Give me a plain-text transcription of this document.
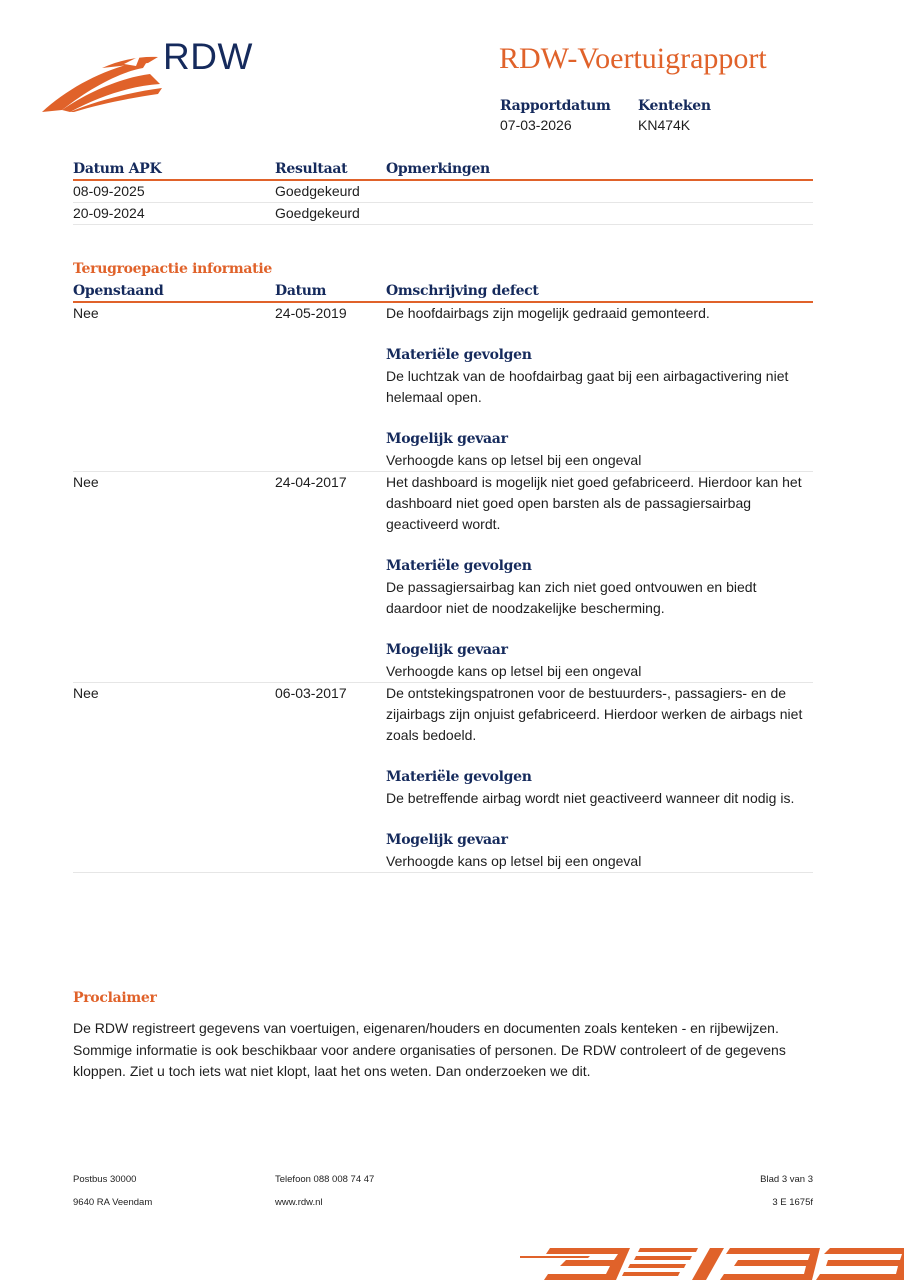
RDW	RDW-Voertuigrapport
Rapportdatum
07-03-2026
Kenteken
KN474K
Datum APK	Resultaat	Opmerkingen
08-09-2025	Goedgekeurd	
20-09-2024	Goedgekeurd	
Terugroepactie informatie
Openstaand	Datum	Omschrijving defect
Nee	24-05-2019	De hoofdairbags zijn mogelijk gedraaid gemonteerd.

Materiële gevolgen

De luchtzak van de hoofdairbag gaat bij een airbagactivering niet helemaal open.

Mogelijk gevaar

Verhoogde kans op letsel bij een ongeval

Nee	24-04-2017	Het dashboard is mogelijk niet goed gefabriceerd. Hierdoor kan het dashboard niet goed open barsten als de passagiersairbag geactiveerd wordt.

Materiële gevolgen

De passagiersairbag kan zich niet goed ontvouwen en biedt daardoor niet de noodzakelijke bescherming.

Mogelijk gevaar

Verhoogde kans op letsel bij een ongeval

Nee	06-03-2017	De ontstekingspatronen voor de bestuurders-, passagiers- en de zijairbags zijn onjuist gefabriceerd. Hierdoor werken de airbags niet zoals bedoeld.

Materiële gevolgen

De betreffende airbag wordt niet geactiveerd wanneer dit nodig is.

Mogelijk gevaar

Verhoogde kans op letsel bij een ongeval

Proclaimer

De RDW registreert gegevens van voertuigen, eigenaren/houders en documenten zoals kenteken - en rijbewijzen. Sommige informatie is ook beschikbaar voor andere organisaties of personen. De RDW controleert of de gegevens kloppen. Ziet u toch iets wat niet klopt, laat het ons weten. Dan onderzoeken we dit.

Postbus 30000
9640 RA Veendam
Telefoon 088 008 74 47
www.rdw.nl
Blad 3 van 3
3 E 1675f
